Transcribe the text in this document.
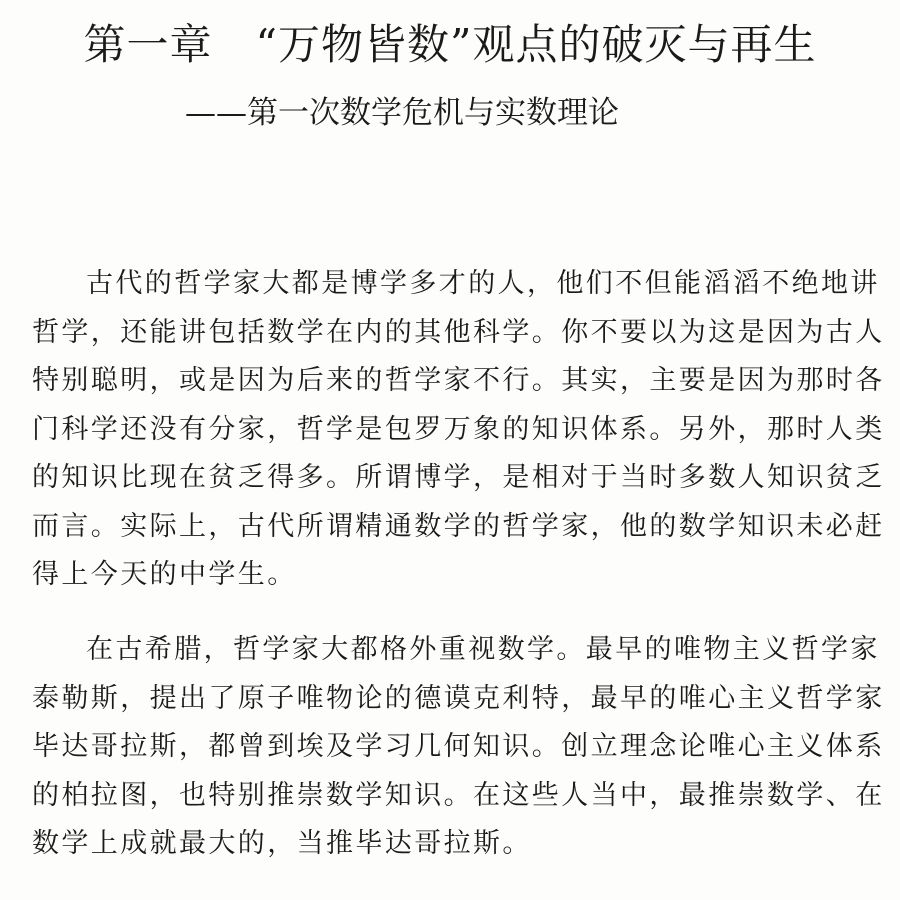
第一章　“万物皆数”观点的破灭与再生
——第一次数学危机与实数理论
古代的哲学家大都是博学多才的人，他们不但能滔滔不绝地讲
哲学，还能讲包括数学在内的其他科学。你不要以为这是因为古人
特别聪明，或是因为后来的哲学家不行。其实，主要是因为那时各
门科学还没有分家，哲学是包罗万象的知识体系。另外，那时人类
的知识比现在贫乏得多。所谓博学，是相对于当时多数人知识贫乏
而言。实际上，古代所谓精通数学的哲学家，他的数学知识未必赶
得上今天的中学生。
在古希腊，哲学家大都格外重视数学。最早的唯物主义哲学家
泰勒斯，提出了原子唯物论的德谟克利特，最早的唯心主义哲学家
毕达哥拉斯，都曾到埃及学习几何知识。创立理念论唯心主义体系
的柏拉图，也特别推崇数学知识。在这些人当中，最推崇数学、在
数学上成就最大的，当推毕达哥拉斯。
